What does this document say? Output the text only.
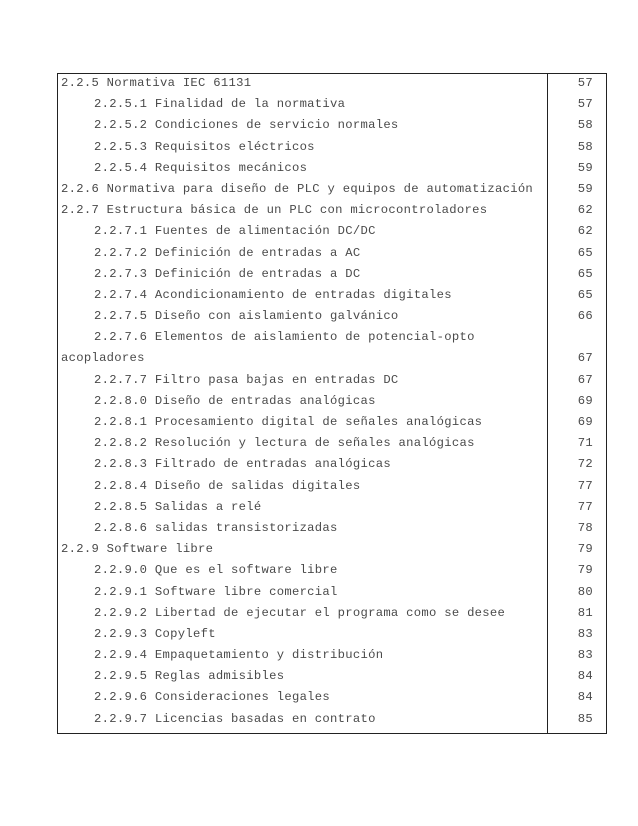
2.2.5 Normativa IEC 61131	57
2.2.5.1 Finalidad de la normativa	57
2.2.5.2 Condiciones de servicio normales	58
2.2.5.3 Requisitos eléctricos	58
2.2.5.4 Requisitos mecánicos	59
2.2.6 Normativa para diseño de PLC y equipos de automatización	59
2.2.7 Estructura básica de un PLC con microcontroladores	62
2.2.7.1 Fuentes de alimentación DC/DC	62
2.2.7.2 Definición de entradas a AC	65
2.2.7.3 Definición de entradas a DC	65
2.2.7.4 Acondicionamiento de entradas digitales	65
2.2.7.5 Diseño con aislamiento galvánico	66
2.2.7.6 Elementos de aislamiento de potencial-opto
acopladores	67
2.2.7.7 Filtro pasa bajas en entradas DC	67
2.2.8.0 Diseño de entradas analógicas	69
2.2.8.1 Procesamiento digital de señales analógicas	69
2.2.8.2 Resolución y lectura de señales analógicas	71
2.2.8.3 Filtrado de entradas analógicas	72
2.2.8.4 Diseño de salidas digitales	77
2.2.8.5 Salidas a relé	77
2.2.8.6 salidas transistorizadas	78
2.2.9 Software libre	79
2.2.9.0 Que es el software libre	79
2.2.9.1 Software libre comercial	80
2.2.9.2 Libertad de ejecutar el programa como se desee	81
2.2.9.3 Copyleft	83
2.2.9.4 Empaquetamiento y distribución	83
2.2.9.5 Reglas admisibles	84
2.2.9.6 Consideraciones legales	84
2.2.9.7 Licencias basadas en contrato	85
